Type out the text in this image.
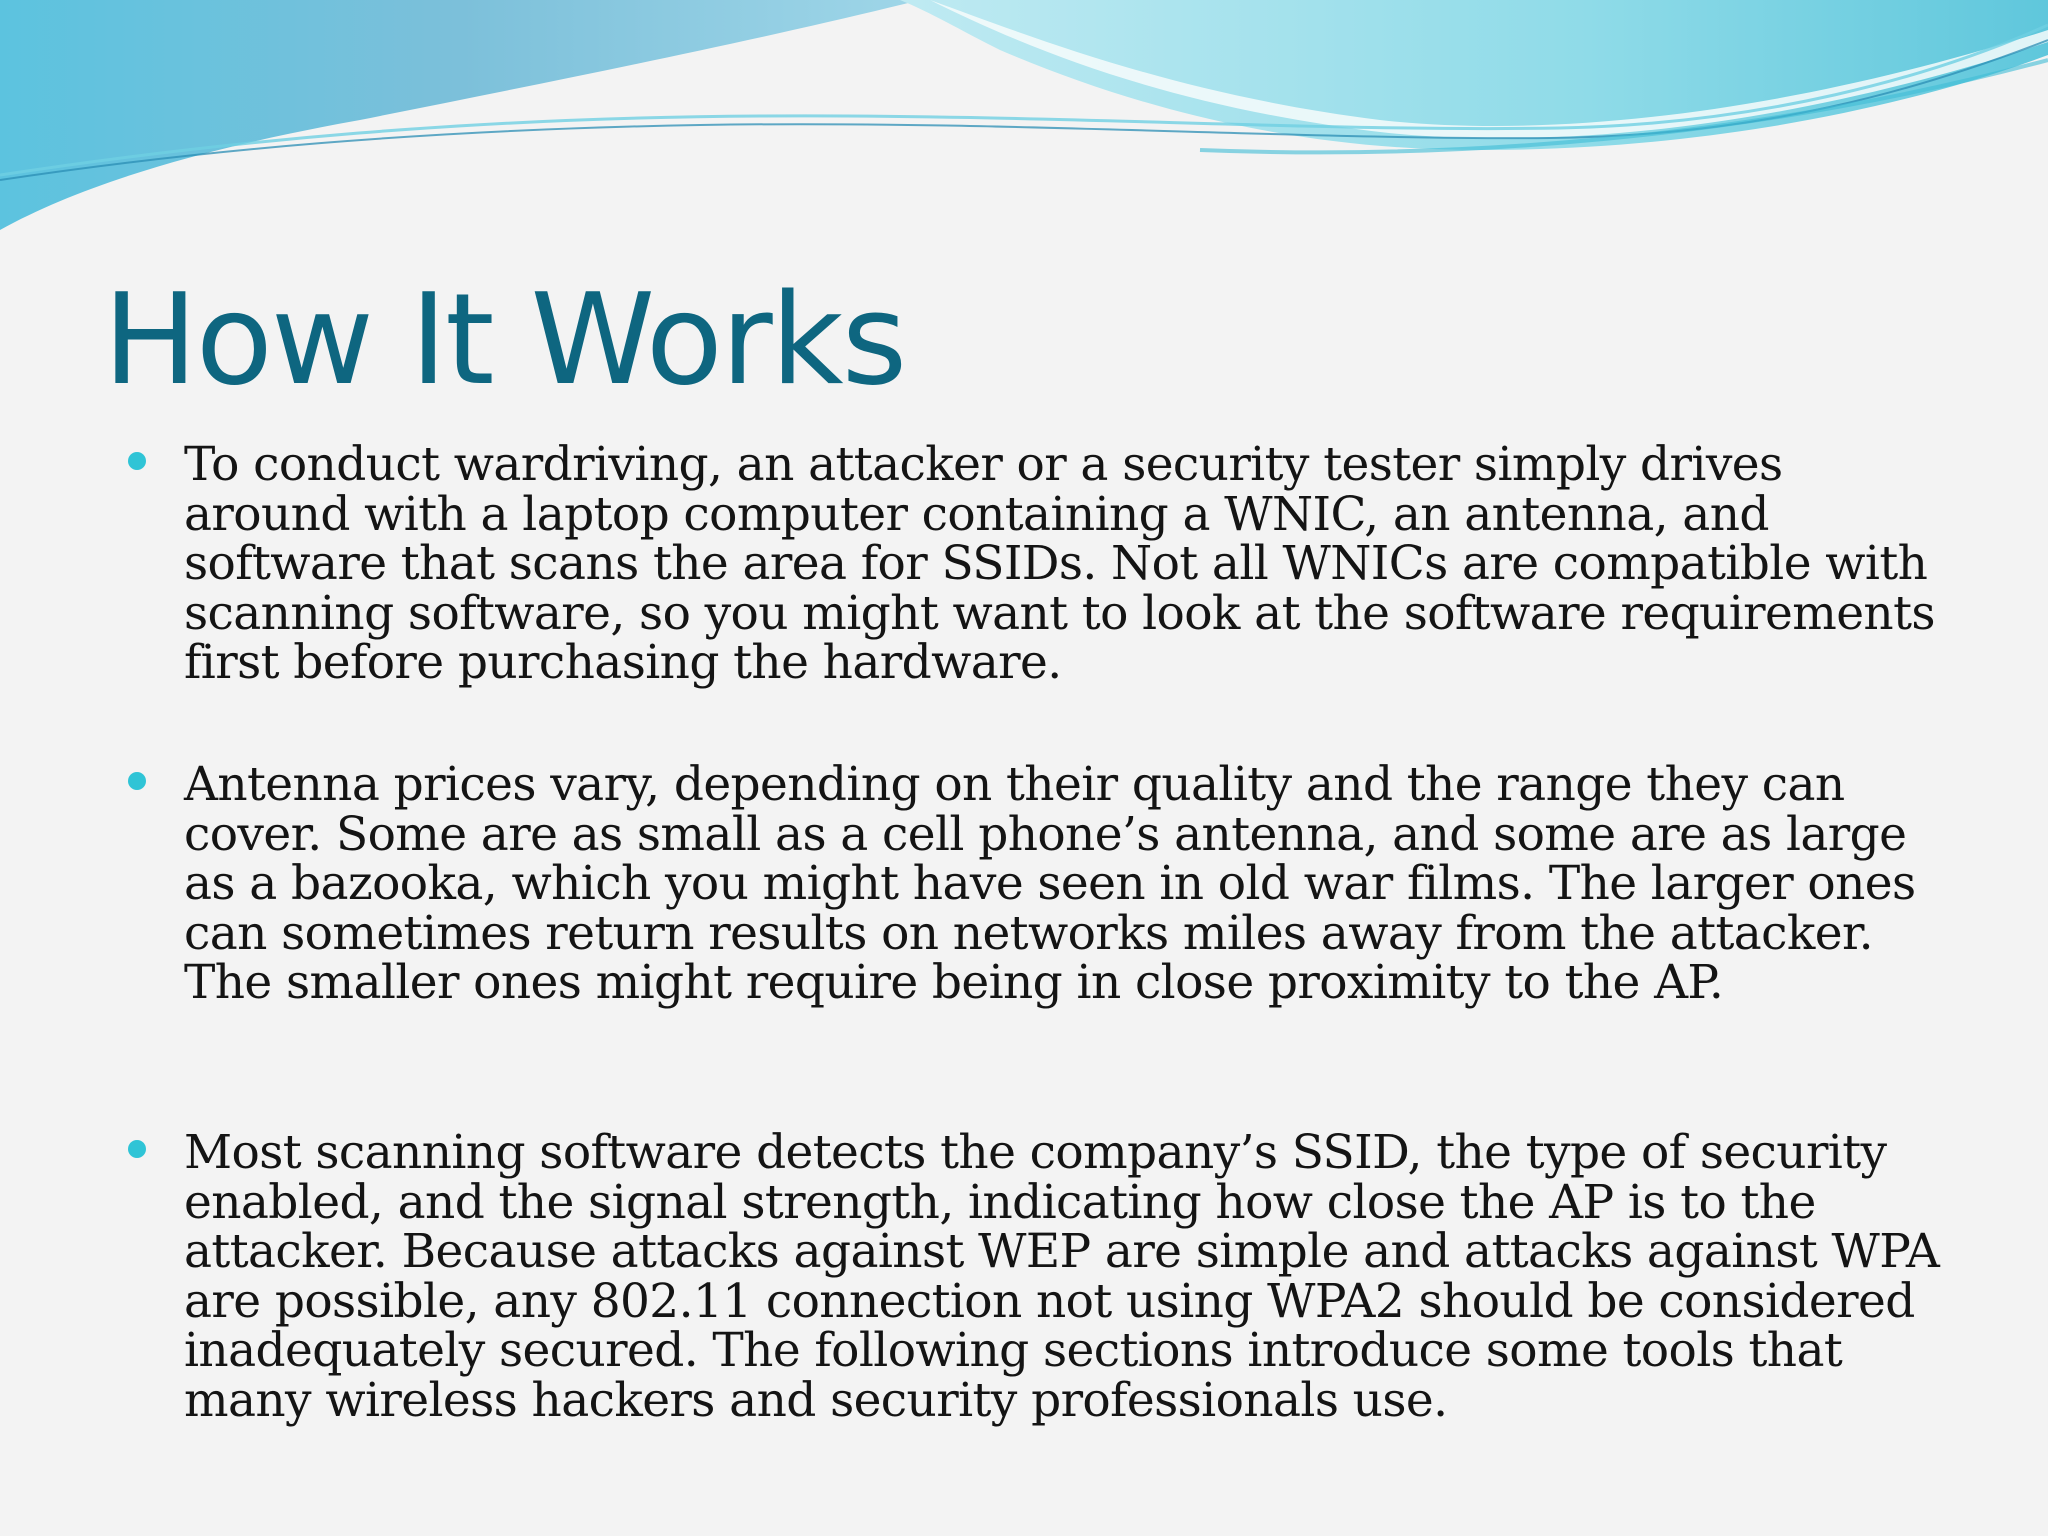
How It Works

To conduct wardriving, an attacker or a security tester simply drives around with a laptop computer containing a WNIC, an antenna, and software that scans the area for SSIDs. Not all WNICs are compatible with scanning software, so you might want to look at the software requirements first before purchasing the hardware.

Antenna prices vary, depending on their quality and the range they can cover. Some are as small as a cell phone’s antenna, and some are as large as a bazooka, which you might have seen in old war films. The larger ones can sometimes return results on networks miles away from the attacker. The smaller ones might require being in close proximity to the AP.

Most scanning software detects the company’s SSID, the type of security enabled, and the signal strength, indicating how close the AP is to the attacker. Because attacks against WEP are simple and attacks against WPA are possible, any 802.11 connection not using WPA2 should be considered inadequately secured. The following sections introduce some tools that many wireless hackers and security professionals use.
